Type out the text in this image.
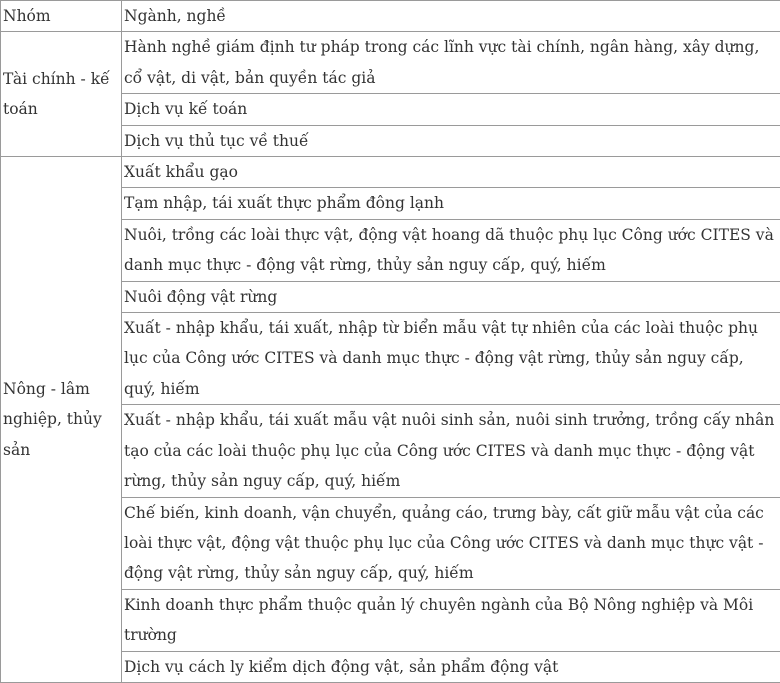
Nhóm	Ngành, nghề
Tài chính - kế toán	Hành nghề giám định tư pháp trong các lĩnh vực tài chính, ngân hàng, xây dựng, cổ vật, di vật, bản quyền tác giả
	Dịch vụ kế toán
	Dịch vụ thủ tục về thuế
Nông - lâm nghiệp, thủy sản	Xuất khẩu gạo
	Tạm nhập, tái xuất thực phẩm đông lạnh
	Nuôi, trồng các loài thực vật, động vật hoang dã thuộc phụ lục Công ước CITES và danh mục thực - động vật rừng, thủy sản nguy cấp, quý, hiếm
	Nuôi động vật rừng
	Xuất - nhập khẩu, tái xuất, nhập từ biển mẫu vật tự nhiên của các loài thuộc phụ lục của Công ước CITES và danh mục thực - động vật rừng, thủy sản nguy cấp, quý, hiếm
	Xuất - nhập khẩu, tái xuất mẫu vật nuôi sinh sản, nuôi sinh trưởng, trồng cấy nhân tạo của các loài thuộc phụ lục của Công ước CITES và danh mục thực - động vật rừng, thủy sản nguy cấp, quý, hiếm
	Chế biến, kinh doanh, vận chuyển, quảng cáo, trưng bày, cất giữ mẫu vật của các loài thực vật, động vật thuộc phụ lục của Công ước CITES và danh mục thực vật - động vật rừng, thủy sản nguy cấp, quý, hiếm
	Kinh doanh thực phẩm thuộc quản lý chuyên ngành của Bộ Nông nghiệp và Môi trường
	Dịch vụ cách ly kiểm dịch động vật, sản phẩm động vật
